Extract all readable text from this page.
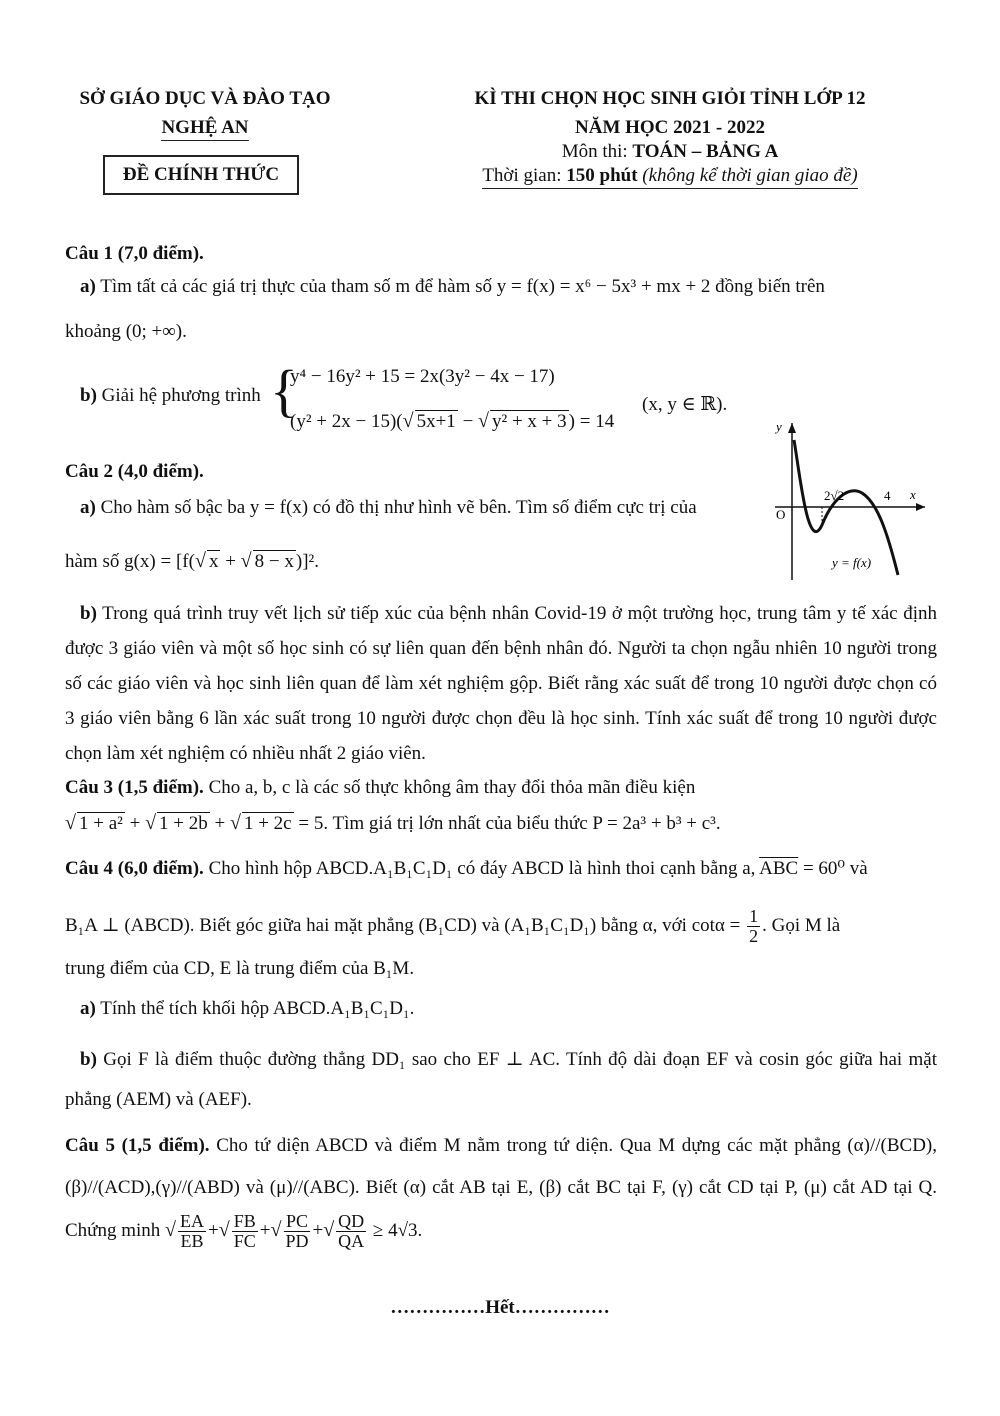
SỞ GIÁO DỤC VÀ ĐÀO TẠO
NGHỆ AN
ĐỀ CHÍNH THỨC
KÌ THI CHỌN HỌC SINH GIỎI TỈNH LỚP 12
NĂM HỌC 2021 - 2022
Môn thi: TOÁN – BẢNG A
Thời gian: 150 phút (không kể thời gian giao đề)
Câu 1 (7,0 điểm).
a) Tìm tất cả các giá trị thực của tham số m để hàm số y = f(x) = x⁶ − 5x³ + mx + 2 đồng biến trên
khoảng (0; +∞).
b) Giải hệ phương trình {
y⁴ − 16y² + 15 = 2x(3y² − 4x − 17)
(y² + 2x − 15)(√ 5x+1 − √ y² + x + 3 ) = 14
(x, y ∈ ℝ).
y
x
O
2√2	4
y = f(x)
Câu 2 (4,0 điểm).
a) Cho hàm số bậc ba y = f(x) có đồ thị như hình vẽ bên. Tìm số điểm cực trị của
hàm số g(x) = [f(√ x + √ 8 − x )]².
b) Trong quá trình truy vết lịch sử tiếp xúc của bệnh nhân Covid-19 ở một trường học, trung tâm y tế xác định được 3 giáo viên và một số học sinh có sự liên quan đến bệnh nhân đó. Người ta chọn ngẫu nhiên 10 người trong số các giáo viên và học sinh liên quan để làm xét nghiệm gộp. Biết rằng xác suất để trong 10 người được chọn có 3 giáo viên bằng 6 lần xác suất trong 10 người được chọn đều là học sinh. Tính xác suất để trong 10 người được chọn làm xét nghiệm có nhiều nhất 2 giáo viên.
Câu 3 (1,5 điểm). Cho a, b, c là các số thực không âm thay đổi thỏa mãn điều kiện
√ 1 + a² + √ 1 + 2b + √ 1 + 2c = 5. Tìm giá trị lớn nhất của biểu thức P = 2a³ + b³ + c³.
Câu 4 (6,0 điểm). Cho hình hộp ABCD.A₁B₁C₁D₁ có đáy ABCD là hình thoi cạnh bằng a, $\overline{ABC} = 60^0$ và
B₁A ⊥ (ABCD). Biết góc giữa hai mặt phẳng (B₁CD) và (A₁B₁C₁D₁) bằng α, với $\cot\alpha = \frac{1}{2}$ . Gọi M là
trung điểm của CD, E là trung điểm của B₁M.
a) Tính thể tích khối hộp ABCD.A₁B₁C₁D₁.
b) Gọi F là điểm thuộc đường thẳng DD₁ sao cho EF ⊥ AC. Tính độ dài đoạn EF và cosin góc giữa hai mặt phẳng (AEM) và (AEF).
Câu 5 (1,5 điểm). Cho tứ diện ABCD và điểm M nằm trong tứ diện. Qua M dựng các mặt phẳng (α)//(BCD),(β)//(ACD),(γ)//(ABD) và (μ)//(ABC). Biết (α) cắt AB tại E, (β) cắt BC tại F, (γ) cắt CD tại P, (μ) cắt AD tại Q. Chứng minh √ $\frac{EA}{EB}$ +√ $\frac{FB}{FC}$ +√ $\frac{PC}{PD}$ +√ $\frac{QD}{QA} \ge 4√3$.
……………Hết……………
